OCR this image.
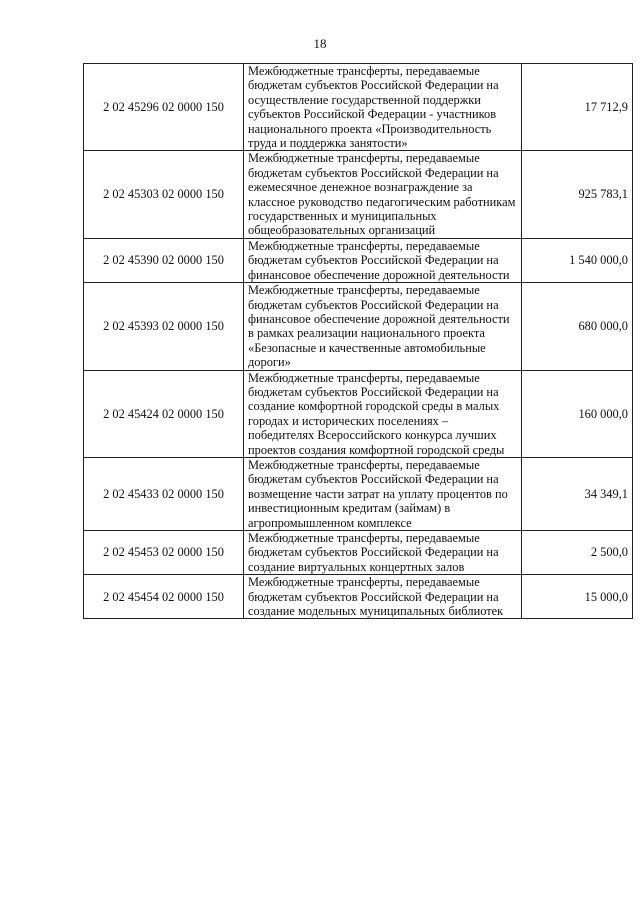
18
2 02 45296 02 0000 150	Межбюджетные трансферты, передаваемые бюджетам субъектов Российской Федерации на осуществление государственной поддержки субъектов Российской Федерации - участников национального проекта «Производительность труда и поддержка занятости»	17 712,9
2 02 45303 02 0000 150	Межбюджетные трансферты, передаваемые бюджетам субъектов Российской Федерации на ежемесячное денежное вознаграждение за классное руководство педагогическим работникам государственных и муниципальных общеобразовательных организаций	925 783,1
2 02 45390 02 0000 150	Межбюджетные трансферты, передаваемые бюджетам субъектов Российской Федерации на финансовое обеспечение дорожной деятельности	1 540 000,0
2 02 45393 02 0000 150	Межбюджетные трансферты, передаваемые бюджетам субъектов Российской Федерации на финансовое обеспечение дорожной деятельности в рамках реализации национального проекта «Безопасные и качественные автомобильные дороги»	680 000,0
2 02 45424 02 0000 150	Межбюджетные трансферты, передаваемые бюджетам субъектов Российской Федерации на создание комфортной городской среды в малых городах и исторических поселениях – победителях Всероссийского конкурса лучших проектов создания комфортной городской среды	160 000,0
2 02 45433 02 0000 150	Межбюджетные трансферты, передаваемые бюджетам субъектов Российской Федерации на возмещение части затрат на уплату процентов по инвестиционным кредитам (займам) в агропромышленном комплексе	34 349,1
2 02 45453 02 0000 150	Межбюджетные трансферты, передаваемые бюджетам субъектов Российской Федерации на создание виртуальных концертных залов	2 500,0
2 02 45454 02 0000 150	Межбюджетные трансферты, передаваемые бюджетам субъектов Российской Федерации на создание модельных муниципальных библиотек	15 000,0
